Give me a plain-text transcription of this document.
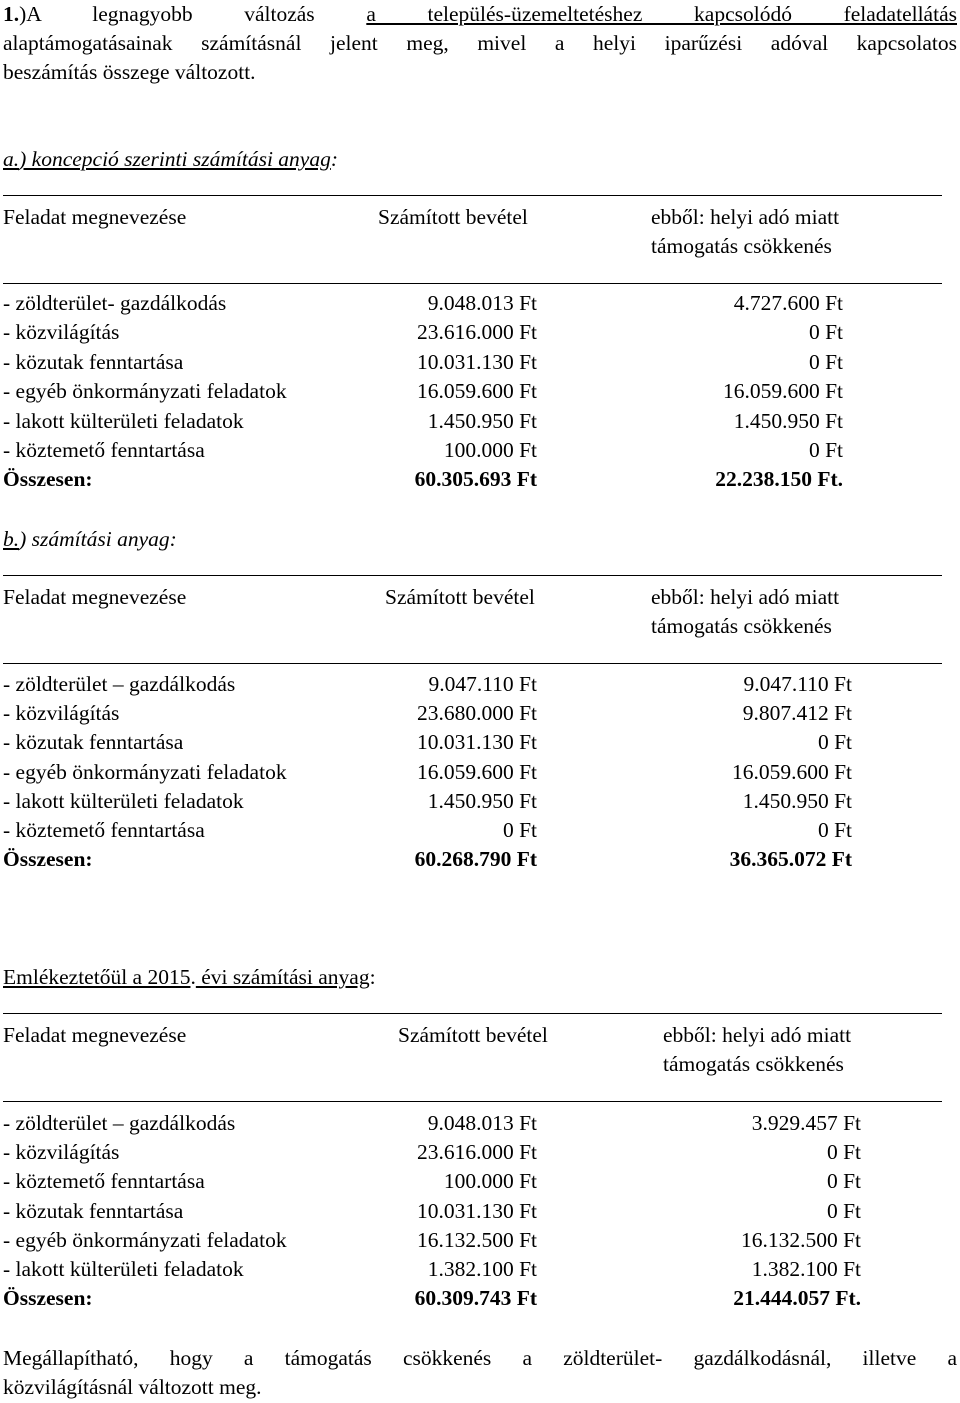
1.)A legnagyobb változás a település-üzemeltetéshez kapcsolódó feladatellátás
alaptámogatásainak számításnál jelent meg, mivel a helyi iparűzési adóval kapcsolatos
beszámítás összege változott.
a.) koncepció szerinti számítási anyag:
Feladat megnevezése	Számított bevétel	ebből: helyi adó miatt
támogatás csökkenés
- zöldterület- gazdálkodás	9.048.013 Ft	4.727.600 Ft
- közvilágítás	23.616.000 Ft	0 Ft
- közutak fenntartása	10.031.130 Ft	0 Ft
- egyéb önkormányzati feladatok	16.059.600 Ft	16.059.600 Ft
- lakott külterületi feladatok	1.450.950 Ft	1.450.950 Ft
- köztemető fenntartása	100.000 Ft	0 Ft
Összesen:	60.305.693 Ft	22.238.150 Ft.
b.) számítási anyag:
Feladat megnevezése	Számított bevétel	ebből: helyi adó miatt
támogatás csökkenés
- zöldterület – gazdálkodás	9.047.110 Ft	9.047.110 Ft
- közvilágítás	23.680.000 Ft	9.807.412 Ft
- közutak fenntartása	10.031.130 Ft	0 Ft
- egyéb önkormányzati feladatok	16.059.600 Ft	16.059.600 Ft
- lakott külterületi feladatok	1.450.950 Ft	1.450.950 Ft
- köztemető fenntartása	0 Ft	0 Ft
Összesen:	60.268.790 Ft	36.365.072 Ft
Emlékeztetőül a 2015. évi számítási anyag:
Feladat megnevezése	Számított bevétel	ebből: helyi adó miatt
támogatás csökkenés
- zöldterület – gazdálkodás	9.048.013 Ft	3.929.457 Ft
- közvilágítás	23.616.000 Ft	0 Ft
- köztemető fenntartása	100.000 Ft	0 Ft
- közutak fenntartása	10.031.130 Ft	0 Ft
- egyéb önkormányzati feladatok	16.132.500 Ft	16.132.500 Ft
- lakott külterületi feladatok	1.382.100 Ft	1.382.100 Ft
Összesen:	60.309.743 Ft	21.444.057 Ft.
Megállapítható, hogy a támogatás csökkenés a zöldterület- gazdálkodásnál, illetve a
közvilágításnál változott meg.
